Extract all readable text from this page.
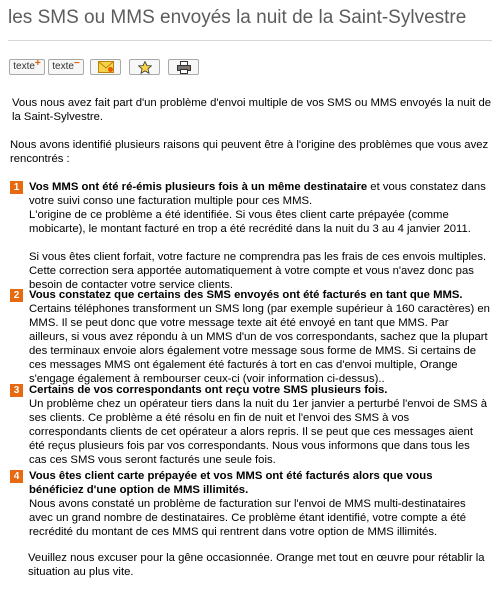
les SMS ou MMS envoyés la nuit de la Saint-Sylvestre
texte+	texte−

Vous nous avez fait part d'un problème d'envoi multiple de vos SMS ou MMS envoyés la nuit de la Saint-Sylvestre.

Nous avons identifié plusieurs raisons qui peuvent être à l'origine des problèmes que vous avez rencontrés :

1 Vos MMS ont été ré-émis plusieurs fois à un même destinataire et vous constatez dans votre suivi conso une facturation multiple pour ces MMS.
L'origine de ce problème a été identifiée. Si vous êtes client carte prépayée (comme mobicarte), le montant facturé en trop a été recrédité dans la nuit du 3 au 4 janvier 2011.
Si vous êtes client forfait, votre facture ne comprendra pas les frais de ces envois multiples. Cette correction sera apportée automatiquement à votre compte et vous n'avez donc pas besoin de contacter votre service clients.
2 Vous constatez que certains des SMS envoyés ont été facturés en tant que MMS.
Certains téléphones transforment un SMS long (par exemple supérieur à 160 caractères) en MMS. Il se peut donc que votre message texte ait été envoyé en tant que MMS. Par ailleurs, si vous avez répondu à un MMS d'un de vos correspondants, sachez que la plupart des terminaux envoie alors également votre message sous forme de MMS. Si certains de ces messages MMS ont également été facturés à tort en cas d'envoi multiple, Orange s'engage également à rembourser ceux-ci (voir information ci-dessus)..
3 Certains de vos correspondants ont reçu votre SMS plusieurs fois.
Un problème chez un opérateur tiers dans la nuit du 1er janvier a perturbé l'envoi de SMS à ses clients. Ce problème a été résolu en fin de nuit et l'envoi des SMS à vos correspondants clients de cet opérateur a alors repris. Il se peut que ces messages aient été reçus plusieurs fois par vos correspondants. Nous vous informons que dans tous les cas ces SMS vous seront facturés une seule fois.
4 Vous êtes client carte prépayée et vos MMS ont été facturés alors que vous bénéficiez d'une option de MMS illimités.
Nous avons constaté un problème de facturation sur l'envoi de MMS multi-destinataires avec un grand nombre de destinataires. Ce problème étant identifié, votre compte a été recrédité du montant de ces MMS qui rentrent dans votre option de MMS illimités.

Veuillez nous excuser pour la gêne occasionnée. Orange met tout en œuvre pour rétablir la situation au plus vite.
